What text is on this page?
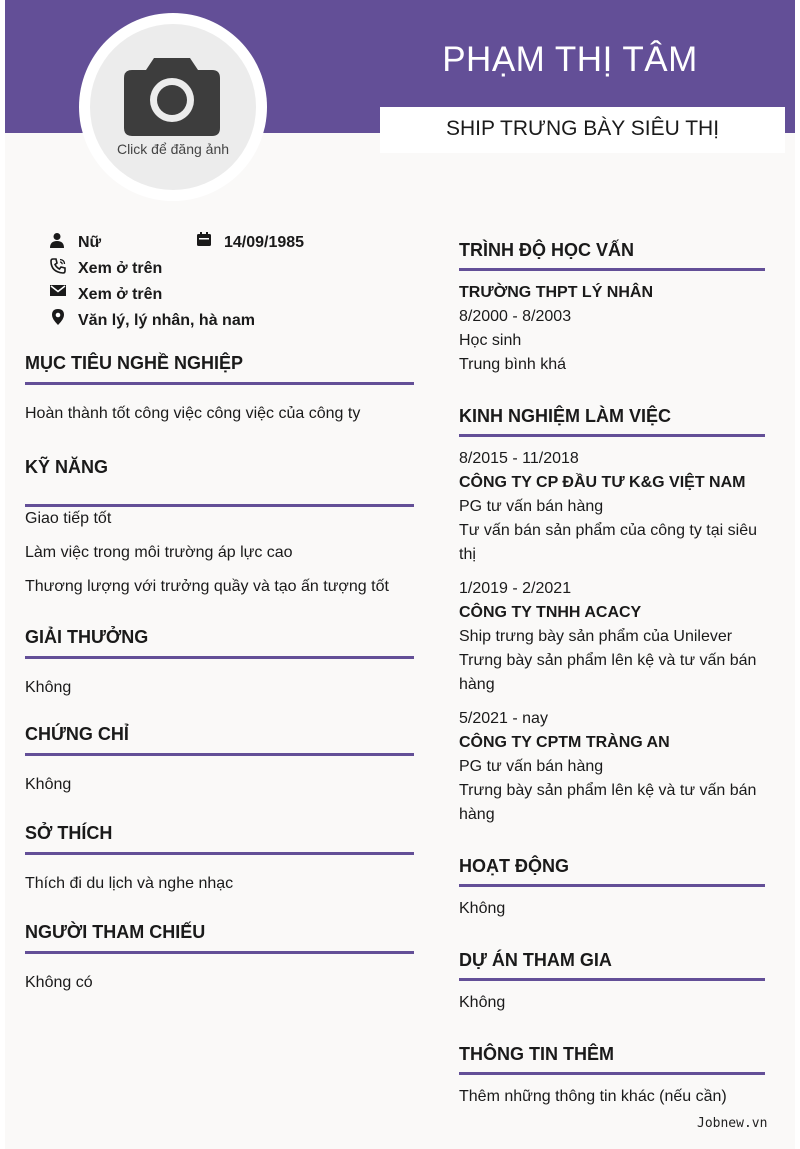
Click để đăng ảnh
PHẠM THỊ TÂM
SHIP TRƯNG BÀY SIÊU THỊ
Nữ	14/09/1985
Xem ở trên
Xem ở trên
Văn lý, lý nhân, hà nam
MỤC TIÊU NGHỀ NGHIỆP
Hoàn thành tốt công việc công việc của công ty
KỸ NĂNG
Giao tiếp tốt
Làm việc trong môi trường áp lực cao
Thương lượng với trưởng quầy và tạo ấn tượng tốt
GIẢI THƯỞNG
Không
CHỨNG CHỈ
Không
SỞ THÍCH
Thích đi du lịch và nghe nhạc
NGƯỜI THAM CHIẾU
Không có
TRÌNH ĐỘ HỌC VẤN
TRƯỜNG THPT LÝ NHÂN
8/2000 - 8/2003
Học sinh
Trung bình khá
KINH NGHIỆM LÀM VIỆC
8/2015 - 11/2018
CÔNG TY CP ĐẦU TƯ K&G VIỆT NAM
PG tư vấn bán hàng
Tư vấn bán sản phẩm của công ty tại siêu
thị
1/2019 - 2/2021
CÔNG TY TNHH ACACY
Ship trưng bày sản phẩm của Unilever
Trưng bày sản phẩm lên kệ và tư vấn bán
hàng
5/2021 - nay
CÔNG TY CPTM TRÀNG AN
PG tư vấn bán hàng
Trưng bày sản phẩm lên kệ và tư vấn bán
hàng
HOẠT ĐỘNG
Không
DỰ ÁN THAM GIA
Không
THÔNG TIN THÊM
Thêm những thông tin khác (nếu cần)
Jobnew.vn
